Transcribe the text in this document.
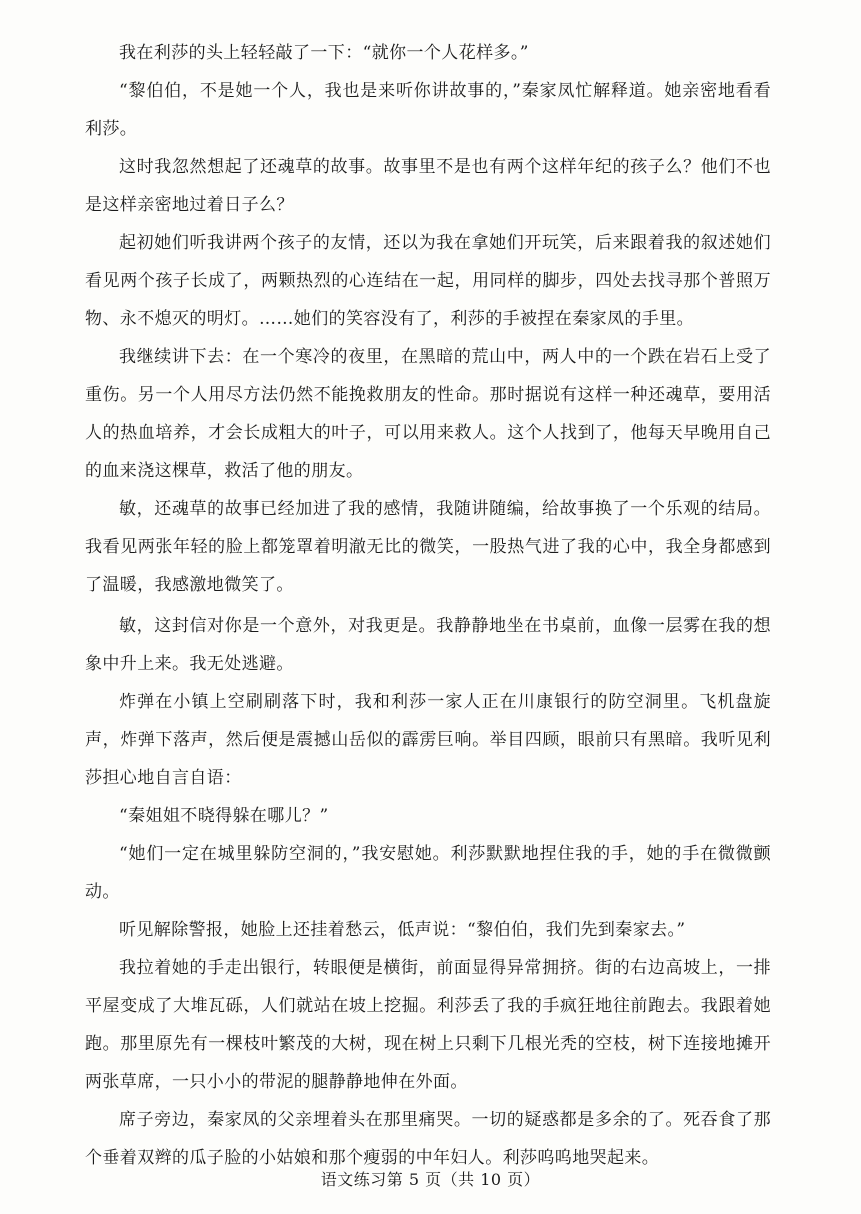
我在利莎的头上轻轻敲了一下：“就你一个人花样多。”

“黎伯伯，不是她一个人，我也是来听你讲故事的，”秦家凤忙解释道。她亲密地看看利莎。

这时我忽然想起了还魂草的故事。故事里不是也有两个这样年纪的孩子么？他们不也是这样亲密地过着日子么？

起初她们听我讲两个孩子的友情，还以为我在拿她们开玩笑，后来跟着我的叙述她们看见两个孩子长成了，两颗热烈的心连结在一起，用同样的脚步，四处去找寻那个普照万物、永不熄灭的明灯。……她们的笑容没有了，利莎的手被捏在秦家凤的手里。

我继续讲下去：在一个寒冷的夜里，在黑暗的荒山中，两人中的一个跌在岩石上受了重伤。另一个人用尽方法仍然不能挽救朋友的性命。那时据说有这样一种还魂草，要用活人的热血培养，才会长成粗大的叶子，可以用来救人。这个人找到了，他每天早晚用自己的血来浇这棵草，救活了他的朋友。

敏，还魂草的故事已经加进了我的感情，我随讲随编，给故事换了一个乐观的结局。我看见两张年轻的脸上都笼罩着明澈无比的微笑，一股热气进了我的心中，我全身都感到了温暖，我感激地微笑了。

敏，这封信对你是一个意外，对我更是。我静静地坐在书桌前，血像一层雾在我的想象中升上来。我无处逃避。

炸弹在小镇上空刷刷落下时，我和利莎一家人正在川康银行的防空洞里。飞机盘旋声，炸弹下落声，然后便是震撼山岳似的霹雳巨响。举目四顾，眼前只有黑暗。我听见利莎担心地自言自语：

“秦姐姐不晓得躲在哪儿？”

“她们一定在城里躲防空洞的，”我安慰她。利莎默默地捏住我的手，她的手在微微颤动。

听见解除警报，她脸上还挂着愁云，低声说：“黎伯伯，我们先到秦家去。”

我拉着她的手走出银行，转眼便是横街，前面显得异常拥挤。街的右边高坡上，一排平屋变成了大堆瓦砾，人们就站在坡上挖掘。利莎丢了我的手疯狂地往前跑去。我跟着她跑。那里原先有一棵枝叶繁茂的大树，现在树上只剩下几根光秃的空枝，树下连接地摊开两张草席，一只小小的带泥的腿静静地伸在外面。

席子旁边，秦家凤的父亲埋着头在那里痛哭。一切的疑惑都是多余的了。死吞食了那个垂着双辫的瓜子脸的小姑娘和那个瘦弱的中年妇人。利莎呜呜地哭起来。

语文练习第 5 页（共 10 页）
